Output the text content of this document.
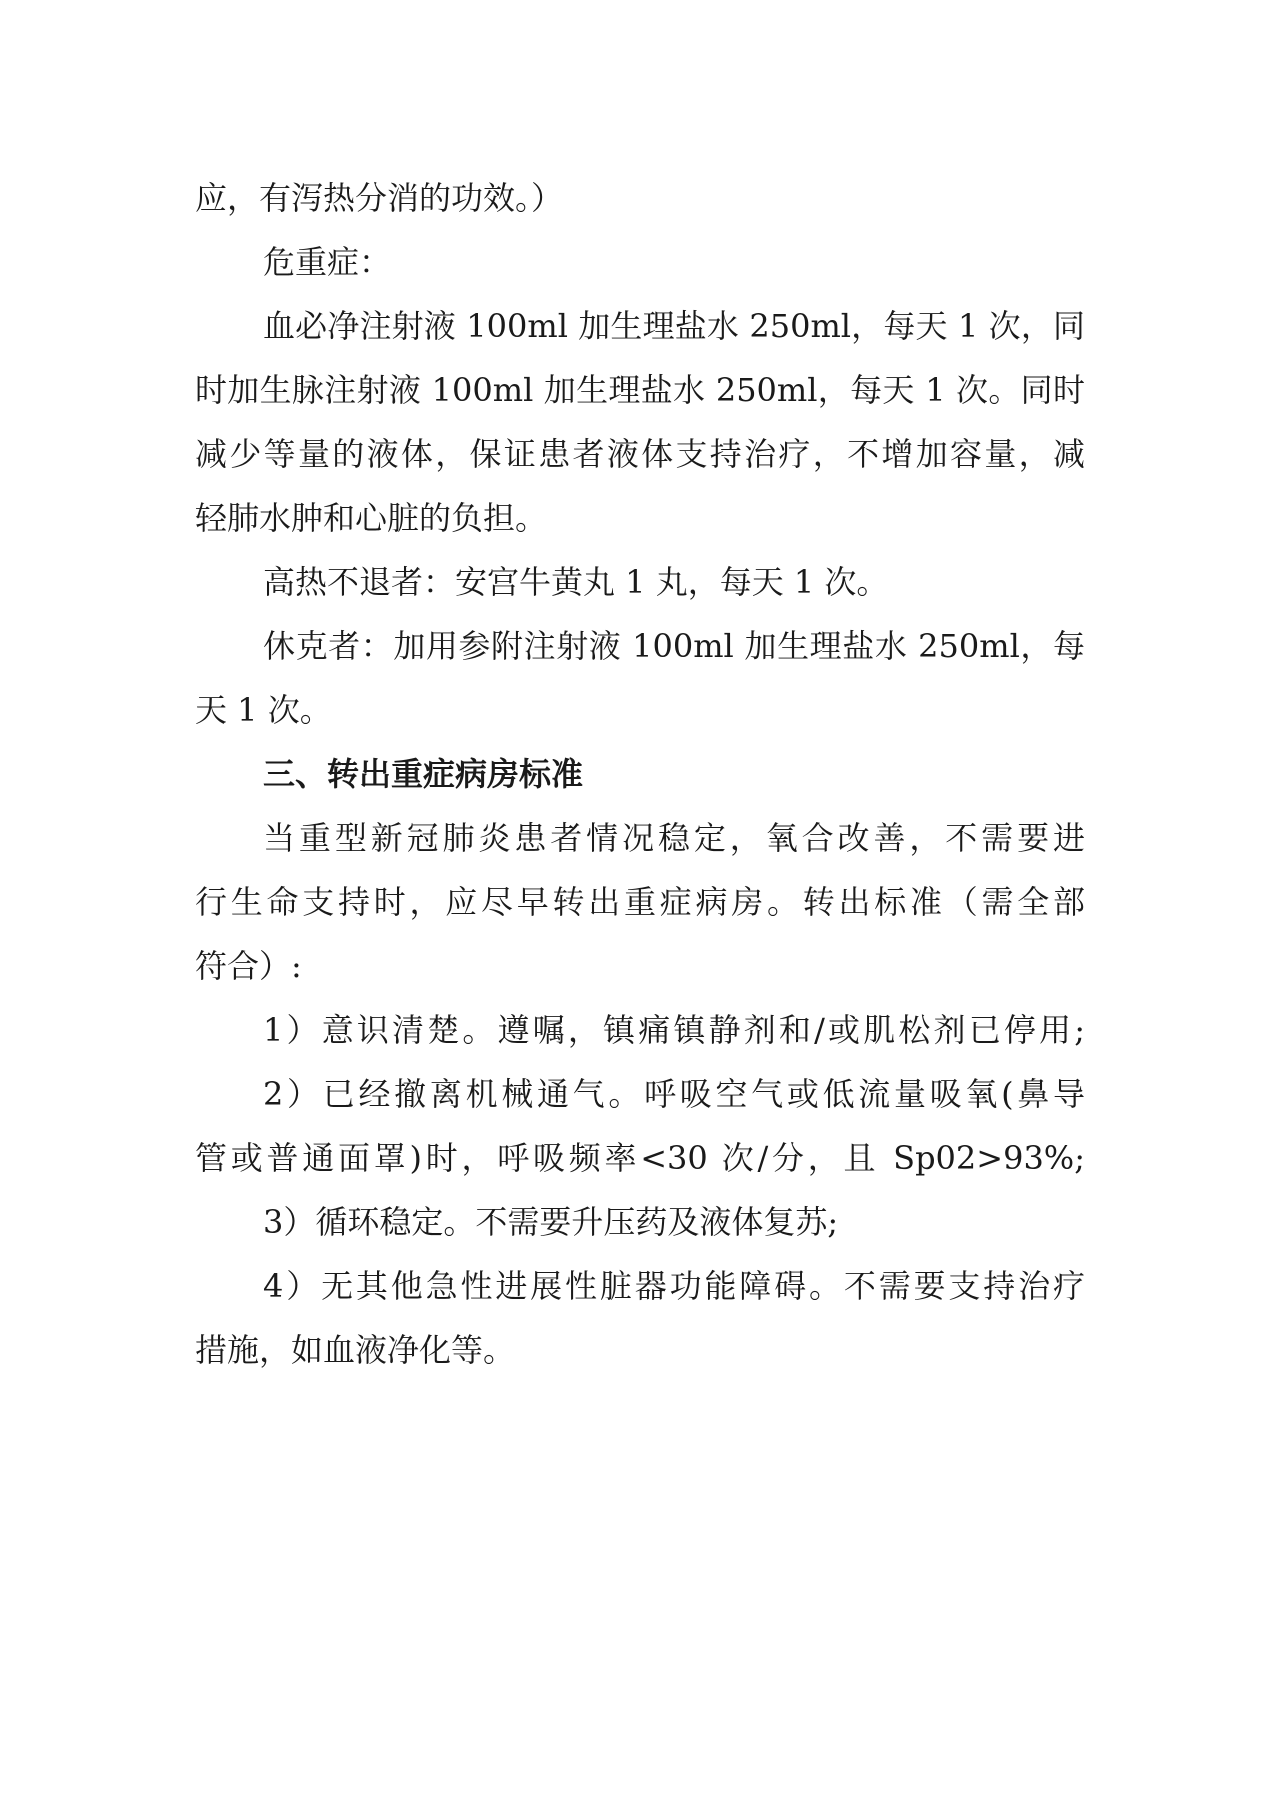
应，有泻热分消的功效。）
危重症：
血必净注射液 100ml 加生理盐水 250ml，每天 1 次，同
时加生脉注射液 100ml 加生理盐水 250ml，每天 1 次。同时
减少等量的液体，保证患者液体支持治疗，不增加容量，减
轻肺水肿和心脏的负担。
高热不退者：安宫牛黄丸 1 丸，每天 1 次。
休克者：加用参附注射液 100ml 加生理盐水 250ml，每
天 1 次。
三、转出重症病房标准
当重型新冠肺炎患者情况稳定，氧合改善，不需要进
行生命支持时，应尽早转出重症病房。转出标准（需全部
符合）:
1）意识清楚。遵嘱，镇痛镇静剂和/或肌松剂已停用;
2）已经撤离机械通气。呼吸空气或低流量吸氧(鼻导
管或普通面罩)时，呼吸频率<30 次/分，且 Sp02>93%;
3）循环稳定。不需要升压药及液体复苏;
4）无其他急性进展性脏器功能障碍。不需要支持治疗
措施，如血液净化等。
